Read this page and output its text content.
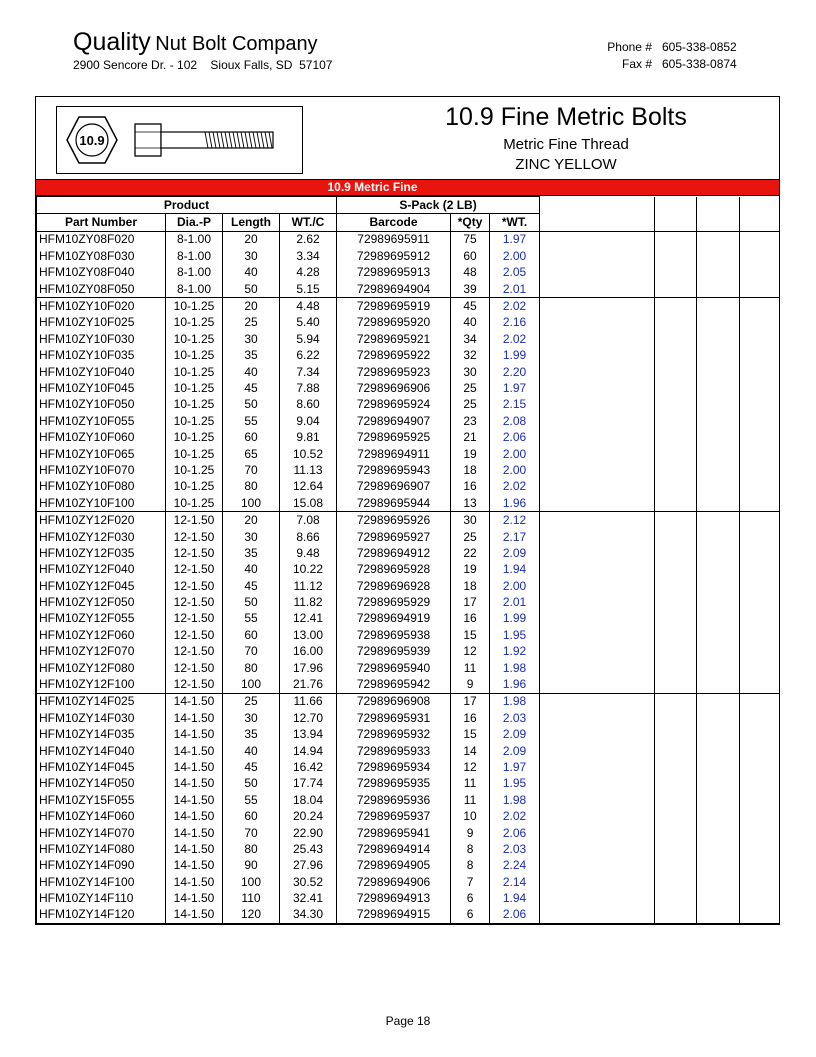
Quality Nut Bolt Company
2900 Sencore Dr. - 102    Sioux Falls, SD  57107
Phone # 605-338-0852
Fax # 605-338-0874
10.9
10.9 Fine Metric Bolts
Metric Fine Thread
ZINC YELLOW
10.9 Metric Fine
Product				S-Pack (2 LB)						
Part Number	Dia.-P	Length	WT./C	Barcode	*Qty	*WT.				
HFM10ZY08F020	8-1.00	20	2.62	72989695911	75	1.97				
HFM10ZY08F030	8-1.00	30	3.34	72989695912	60	2.00				
HFM10ZY08F040	8-1.00	40	4.28	72989695913	48	2.05				
HFM10ZY08F050	8-1.00	50	5.15	72989694904	39	2.01				
HFM10ZY10F020	10-1.25	20	4.48	72989695919	45	2.02				
HFM10ZY10F025	10-1.25	25	5.40	72989695920	40	2.16				
HFM10ZY10F030	10-1.25	30	5.94	72989695921	34	2.02				
HFM10ZY10F035	10-1.25	35	6.22	72989695922	32	1.99				
HFM10ZY10F040	10-1.25	40	7.34	72989695923	30	2.20				
HFM10ZY10F045	10-1.25	45	7.88	72989696906	25	1.97				
HFM10ZY10F050	10-1.25	50	8.60	72989695924	25	2.15				
HFM10ZY10F055	10-1.25	55	9.04	72989694907	23	2.08				
HFM10ZY10F060	10-1.25	60	9.81	72989695925	21	2.06				
HFM10ZY10F065	10-1.25	65	10.52	72989694911	19	2.00				
HFM10ZY10F070	10-1.25	70	11.13	72989695943	18	2.00				
HFM10ZY10F080	10-1.25	80	12.64	72989696907	16	2.02				
HFM10ZY10F100	10-1.25	100	15.08	72989695944	13	1.96				
HFM10ZY12F020	12-1.50	20	7.08	72989695926	30	2.12				
HFM10ZY12F030	12-1.50	30	8.66	72989695927	25	2.17				
HFM10ZY12F035	12-1.50	35	9.48	72989694912	22	2.09				
HFM10ZY12F040	12-1.50	40	10.22	72989695928	19	1.94				
HFM10ZY12F045	12-1.50	45	11.12	72989696928	18	2.00				
HFM10ZY12F050	12-1.50	50	11.82	72989695929	17	2.01				
HFM10ZY12F055	12-1.50	55	12.41	72989694919	16	1.99				
HFM10ZY12F060	12-1.50	60	13.00	72989695938	15	1.95				
HFM10ZY12F070	12-1.50	70	16.00	72989695939	12	1.92				
HFM10ZY12F080	12-1.50	80	17.96	72989695940	11	1.98				
HFM10ZY12F100	12-1.50	100	21.76	72989695942	9	1.96				
HFM10ZY14F025	14-1.50	25	11.66	72989696908	17	1.98				
HFM10ZY14F030	14-1.50	30	12.70	72989695931	16	2.03				
HFM10ZY14F035	14-1.50	35	13.94	72989695932	15	2.09				
HFM10ZY14F040	14-1.50	40	14.94	72989695933	14	2.09				
HFM10ZY14F045	14-1.50	45	16.42	72989695934	12	1.97				
HFM10ZY14F050	14-1.50	50	17.74	72989695935	11	1.95				
HFM10ZY15F055	14-1.50	55	18.04	72989695936	11	1.98				
HFM10ZY14F060	14-1.50	60	20.24	72989695937	10	2.02				
HFM10ZY14F070	14-1.50	70	22.90	72989695941	9	2.06				
HFM10ZY14F080	14-1.50	80	25.43	72989694914	8	2.03				
HFM10ZY14F090	14-1.50	90	27.96	72989694905	8	2.24				
HFM10ZY14F100	14-1.50	100	30.52	72989694906	7	2.14				
HFM10ZY14F110	14-1.50	110	32.41	72989694913	6	1.94				
HFM10ZY14F120	14-1.50	120	34.30	72989694915	6	2.06				
Page 18
